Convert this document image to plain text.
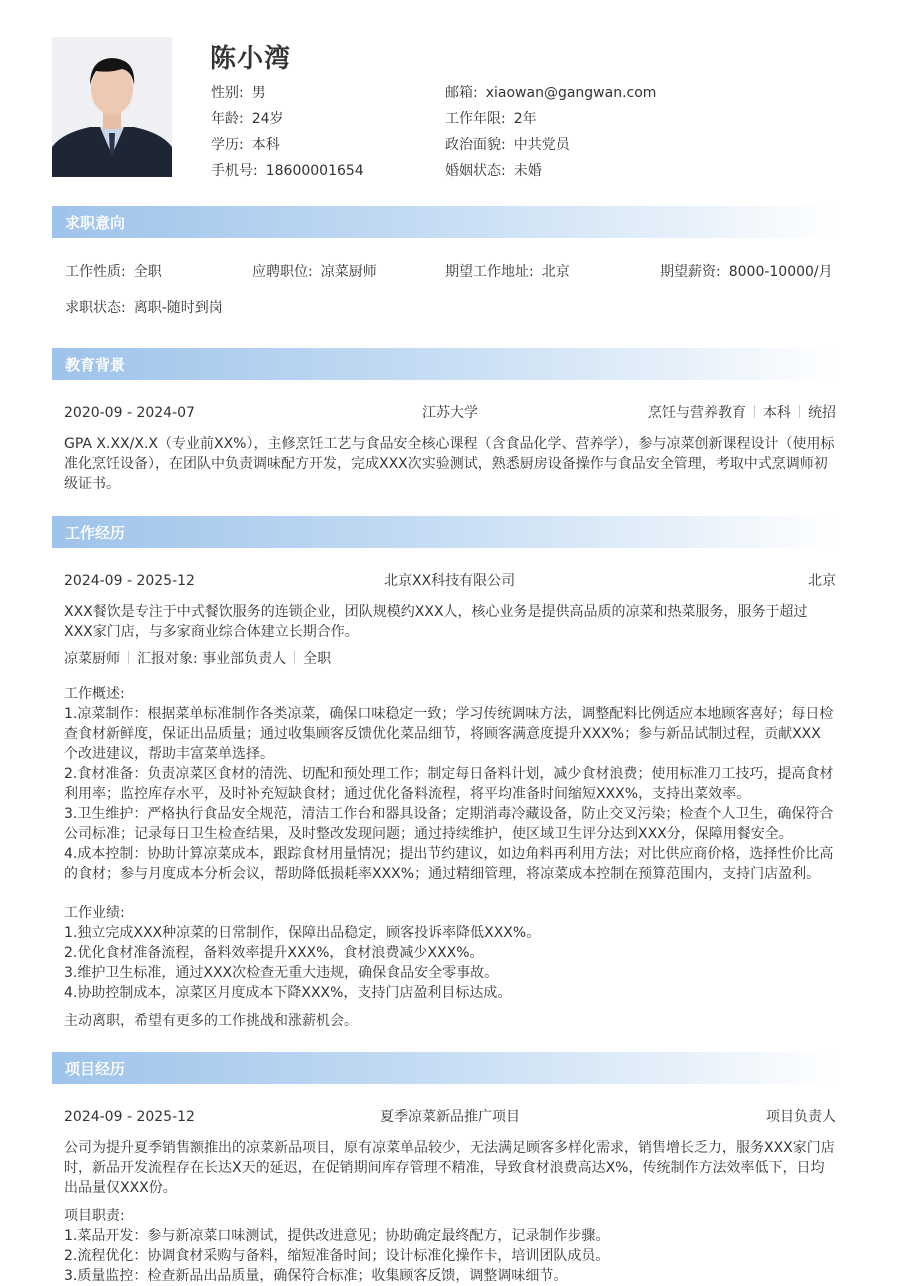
陈小湾
性别: 男
年龄: 24岁
学历: 本科
手机号: 18600001654
邮箱: xiaowan@gangwan.com
工作年限: 2年
政治面貌: 中共党员
婚姻状态: 未婚
求职意向
工作性质: 全职	应聘职位: 凉菜厨师	期望工作地址: 北京	期望薪资: 8000-10000/月
求职状态: 离职-随时到岗
教育背景
2020-09 - 2024-07	江苏大学	烹饪与营养教育 本科 统招
GPA X.XX/X.X（专业前XX%），主修烹饪工艺与食品安全核心课程（含食品化学、营养学），参与凉菜创新课程设计（使用标准化烹饪设备），在团队中负责调味配方开发，完成XXX次实验测试，熟悉厨房设备操作与食品安全管理，考取中式烹调师初级证书。
工作经历
2024-09 - 2025-12	北京XX科技有限公司	北京
XXX餐饮是专注于中式餐饮服务的连锁企业，团队规模约XXX人，核心业务是提供高品质的凉菜和热菜服务，服务于超过XXX家门店，与多家商业综合体建立长期合作。
凉菜厨师 汇报对象: 事业部负责人 全职
工作概述:
1.凉菜制作：根据菜单标准制作各类凉菜，确保口味稳定一致；学习传统调味方法，调整配料比例适应本地顾客喜好；每日检
查食材新鲜度，保证出品质量；通过收集顾客反馈优化菜品细节，将顾客满意度提升XXX%；参与新品试制过程，贡献XXX
个改进建议，帮助丰富菜单选择。
2.食材准备：负责凉菜区食材的清洗、切配和预处理工作；制定每日备料计划，减少食材浪费；使用标准刀工技巧，提高食材
利用率；监控库存水平，及时补充短缺食材；通过优化备料流程，将平均准备时间缩短XXX%，支持出菜效率。
3.卫生维护：严格执行食品安全规范，清洁工作台和器具设备；定期消毒冷藏设备，防止交叉污染；检查个人卫生，确保符合
公司标准；记录每日卫生检查结果，及时整改发现问题；通过持续维护，使区域卫生评分达到XXX分，保障用餐安全。
4.成本控制：协助计算凉菜成本，跟踪食材用量情况；提出节约建议，如边角料再利用方法；对比供应商价格，选择性价比高
的食材；参与月度成本分析会议，帮助降低损耗率XXX%；通过精细管理，将凉菜成本控制在预算范围内，支持门店盈利。
工作业绩:
1.独立完成XXX种凉菜的日常制作，保障出品稳定，顾客投诉率降低XXX%。
2.优化食材准备流程，备料效率提升XXX%，食材浪费减少XXX%。
3.维护卫生标准，通过XXX次检查无重大违规，确保食品安全零事故。
4.协助控制成本，凉菜区月度成本下降XXX%，支持门店盈利目标达成。
主动离职，希望有更多的工作挑战和涨薪机会。
项目经历
2024-09 - 2025-12	夏季凉菜新品推广项目	项目负责人
公司为提升夏季销售额推出的凉菜新品项目，原有凉菜单品较少，无法满足顾客多样化需求，销售增长乏力，服务XXX家门店时，新品开发流程存在长达X天的延迟，在促销期间库存管理不精准，导致食材浪费高达X%，传统制作方法效率低下，日均出品量仅XXX份。
项目职责:
1.菜品开发：参与新凉菜口味测试，提供改进意见；协助确定最终配方，记录制作步骤。
2.流程优化：协调食材采购与备料，缩短准备时间；设计标准化操作卡，培训团队成员。
3.质量监控：检查新品出品质量，确保符合标准；收集顾客反馈，调整调味细节。
